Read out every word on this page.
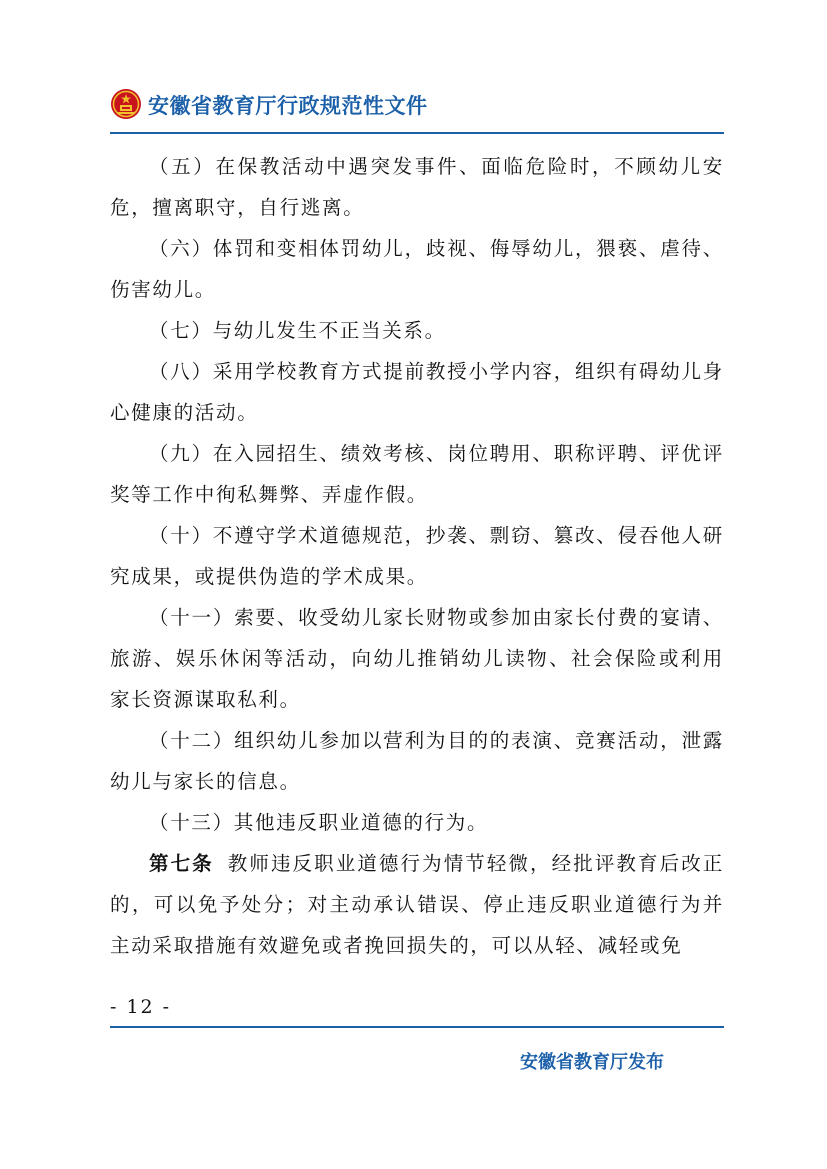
安徽省教育厅行政规范性文件

（五）在保教活动中遇突发事件、面临危险时，不顾幼儿安危，擅离职守，自行逃离。

（六）体罚和变相体罚幼儿，歧视、侮辱幼儿，猥亵、虐待、伤害幼儿。

（七）与幼儿发生不正当关系。

（八）采用学校教育方式提前教授小学内容，组织有碍幼儿身心健康的活动。

（九）在入园招生、绩效考核、岗位聘用、职称评聘、评优评奖等工作中徇私舞弊、弄虚作假。

（十）不遵守学术道德规范，抄袭、剽窃、篡改、侵吞他人研究成果，或提供伪造的学术成果。

（十一）索要、收受幼儿家长财物或参加由家长付费的宴请、旅游、娱乐休闲等活动，向幼儿推销幼儿读物、社会保险或利用家长资源谋取私利。

（十二）组织幼儿参加以营利为目的的表演、竞赛活动，泄露幼儿与家长的信息。

（十三）其他违反职业道德的行为。

第七条 教师违反职业道德行为情节轻微，经批评教育后改正的，可以免予处分；对主动承认错误、停止违反职业道德行为并主动采取措施有效避免或者挽回损失的，可以从轻、减轻或免

- 12 -
安徽省教育厅发布
